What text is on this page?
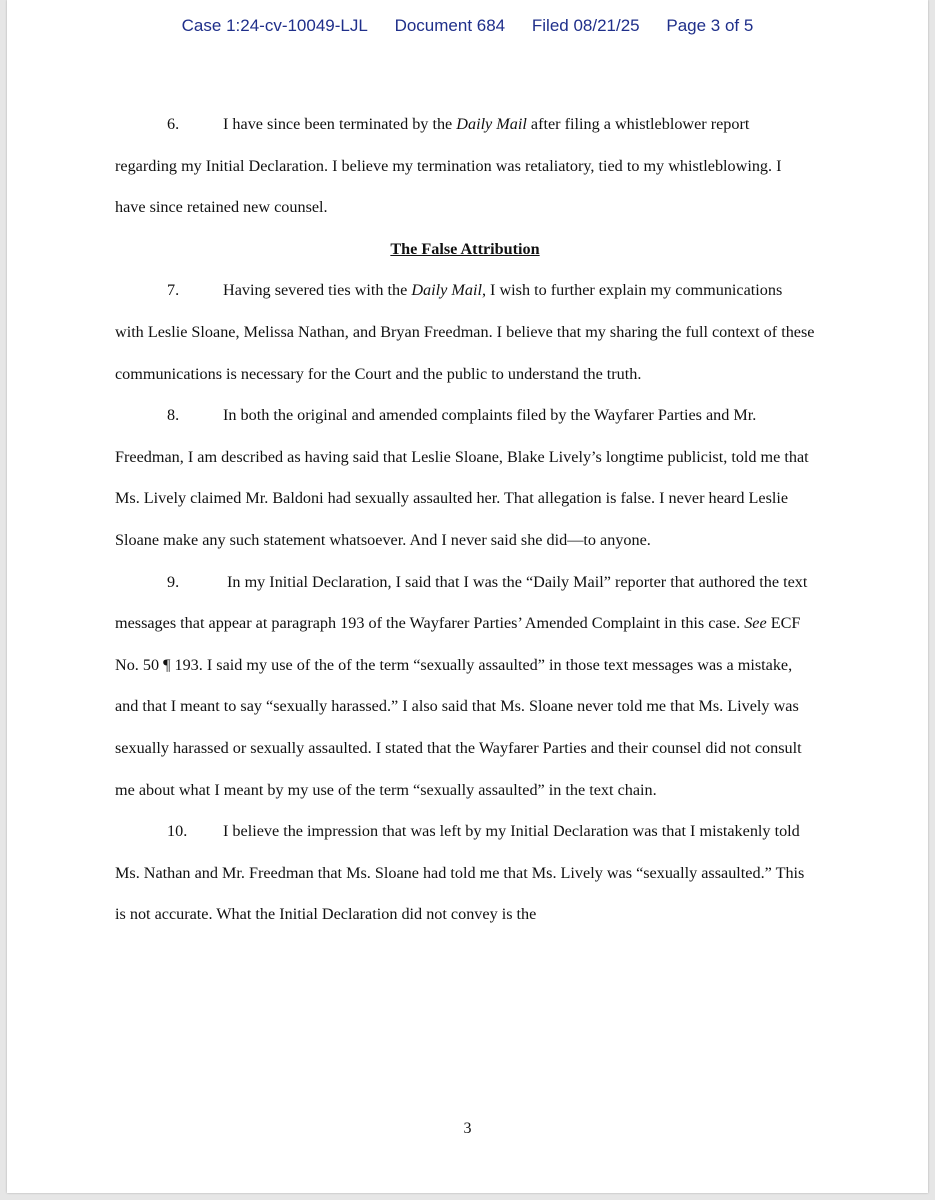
Case 1:24-cv-10049-LJL Document 684 Filed 08/21/25 Page 3 of 5

6.	I have since been terminated by the Daily Mail after filing a whistleblower report regarding my Initial Declaration. I believe my termination was retaliatory, tied to my whistleblowing. I have since retained new counsel.

The False Attribution

7.	Having severed ties with the Daily Mail, I wish to further explain my communications with Leslie Sloane, Melissa Nathan, and Bryan Freedman. I believe that my sharing the full context of these communications is necessary for the Court and the public to understand the truth.

8.	In both the original and amended complaints filed by the Wayfarer Parties and Mr. Freedman, I am described as having said that Leslie Sloane, Blake Lively’s longtime publicist, told me that Ms. Lively claimed Mr. Baldoni had sexually assaulted her. That allegation is false. I never heard Leslie Sloane make any such statement whatsoever. And I never said she did—to anyone.

9.	In my Initial Declaration, I said that I was the “Daily Mail” reporter that authored the text messages that appear at paragraph 193 of the Wayfarer Parties’ Amended Complaint in this case. See ECF No. 50 ¶ 193. I said my use of the of the term “sexually assaulted” in those text messages was a mistake, and that I meant to say “sexually harassed.” I also said that Ms. Sloane never told me that Ms. Lively was sexually harassed or sexually assaulted. I stated that the Wayfarer Parties and their counsel did not consult me about what I meant by my use of the term “sexually assaulted” in the text chain.

10. I believe the impression that was left by my Initial Declaration was that I mistakenly told Ms. Nathan and Mr. Freedman that Ms. Sloane had told me that Ms. Lively was “sexually assaulted.” This is not accurate. What the Initial Declaration did not convey is the

3
